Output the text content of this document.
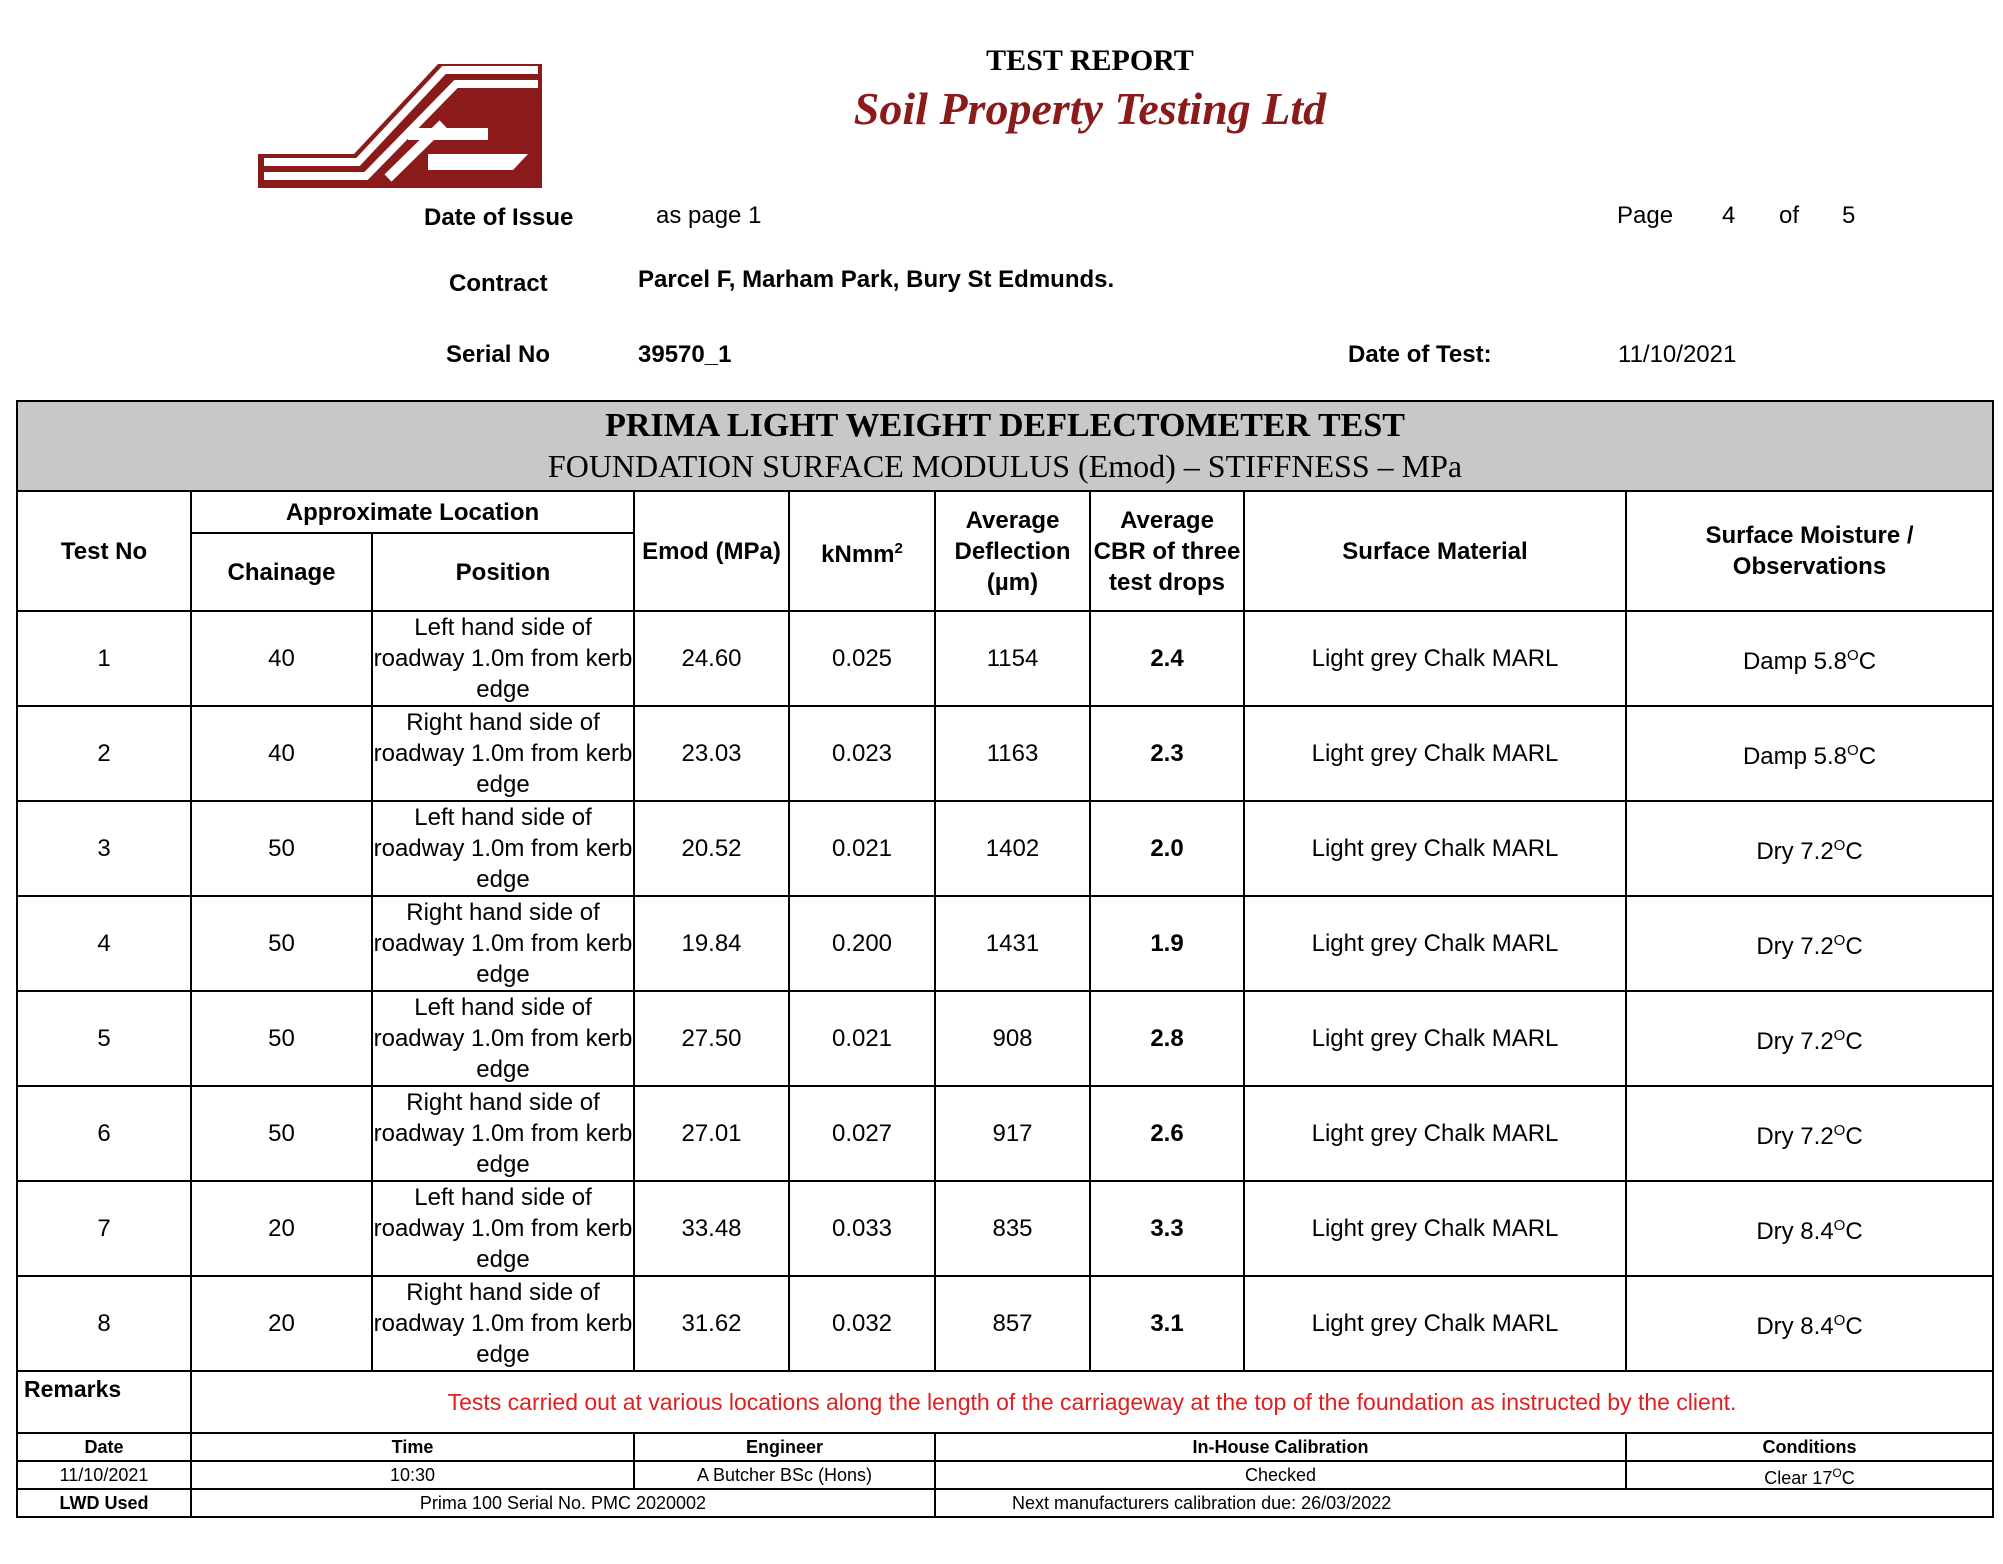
TEST REPORT
Soil Property Testing Ltd
Date of Issue	as page 1	Page 4 of 5
Contract	Parcel F, Marham Park, Bury St Edmunds.
Serial No	39570_1	Date of Test:	11/10/2021
PRIMA LIGHT WEIGHT DEFLECTOMETER TEST
FOUNDATION SURFACE MODULUS (Emod) – STIFFNESS – MPa								

Test No	Approximate Location		Emod (MPa)	kNmm$^2$	Average Deflection (µm)	Average CBR of three test drops	Surface Material	Surface Moisture / Observations
	Chainage	Position						
1	40	Left hand side of roadway 1.0m from kerb edge	24.60	0.025	1154	2.4	Light grey Chalk MARL	Damp $5.8^OC$
2	40	Right hand side of roadway 1.0m from kerb edge	23.03	0.023	1163	2.3	Light grey Chalk MARL	Damp $5.8^OC$
3	50	Left hand side of roadway 1.0m from kerb edge	20.52	0.021	1402	2.0	Light grey Chalk MARL	Dry $7.2^OC$
4	50	Right hand side of roadway 1.0m from kerb edge	19.84	0.200	1431	1.9	Light grey Chalk MARL	Dry $7.2^OC$
5	50	Left hand side of roadway 1.0m from kerb edge	27.50	0.021	908	2.8	Light grey Chalk MARL	Dry $7.2^OC$
6	50	Right hand side of roadway 1.0m from kerb edge	27.01	0.027	917	2.6	Light grey Chalk MARL	Dry $7.2^OC$
7	20	Left hand side of roadway 1.0m from kerb edge	33.48	0.033	835	3.3	Light grey Chalk MARL	Dry $8.4^OC$
8	20	Right hand side of roadway 1.0m from kerb edge	31.62	0.032	857	3.1	Light grey Chalk MARL	Dry $8.4^OC$
Remarks	Tests carried out at various locations along the length of the carriageway at the top of the foundation as instructed by the client.							
Date	Time		Engineer		In-House Calibration			Conditions
11/10/2021	10:30		A Butcher BSc (Hons)		Checked			Clear $17^OC$
LWD Used	Prima 100 Serial No. PMC 2020002				Next manufacturers calibration due: 26/03/2022			
